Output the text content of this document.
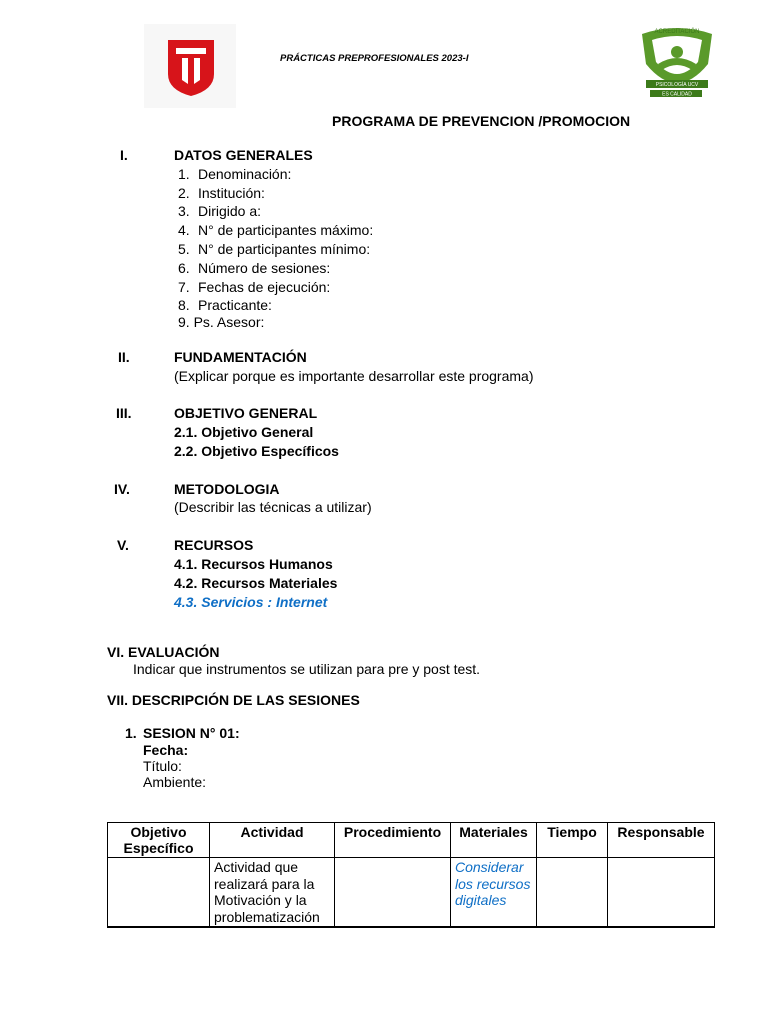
PRÁCTICAS PREPROFESIONALES 2023-I
ACREDITACIÓN
PSICOLOGÍA UCV
ES CALIDAD
PROGRAMA DE PREVENCION /PROMOCION
I.	DATOS GENERALES
1. Denominación:
2. Institución:
3. Dirigido a:
4. N° de participantes máximo:
5. N° de participantes mínimo:
6. Número de sesiones:
7. Fechas de ejecución:
8. Practicante:
9. Ps. Asesor:
II.	FUNDAMENTACIÓN
(Explicar porque es importante desarrollar este programa)
III.	OBJETIVO GENERAL
2.1. Objetivo General
2.2. Objetivo Específicos
IV.	METODOLOGIA
(Describir las técnicas a utilizar)
V.	RECURSOS
4.1. Recursos Humanos
4.2. Recursos Materiales
4.3. Servicios : Internet
VI. EVALUACIÓN
Indicar que instrumentos se utilizan para pre y post test.
VII. DESCRIPCIÓN DE LAS SESIONES
1. SESION N° 01:
Fecha:
Título:
Ambiente:
Objetivo Específico	Actividad	Procedimiento	Materiales	Tiempo	Responsable
	Actividad que realizará para la Motivación y la problematización		Considerar los recursos digitales		
